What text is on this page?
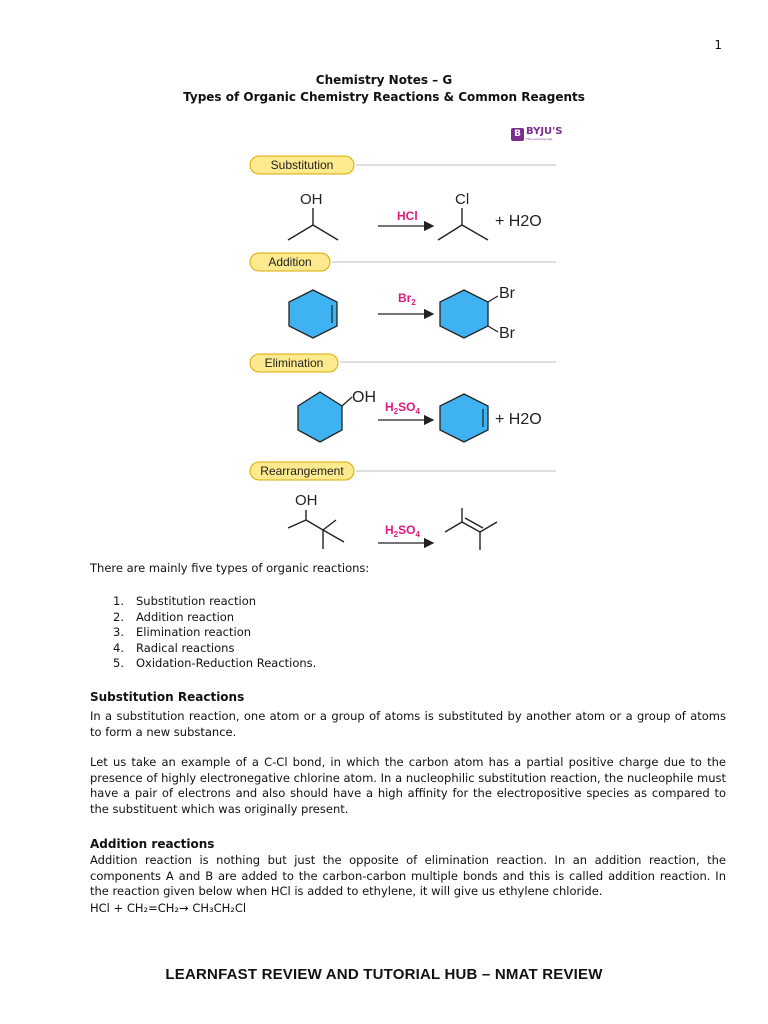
1
Chemistry Notes – G
Types of Organic Chemistry Reactions & Common Reagents
B BYJU'S
The Learning App
Substitution
OH
HCl
Cl
+ H2O
Addition
$Br_2$
Br
Br
Elimination
OH
$H_2SO_4$	+ H2O
Rearrangement
OH
$H_2SO_4$
There are mainly five types of organic reactions:
1.	Substitution reaction
2.	Addition reaction
3.	Elimination reaction
4.	Radical reactions
5.	Oxidation-Reduction Reactions.
Substitution Reactions
In a substitution reaction, one atom or a group of atoms is substituted by another atom or a group of atoms to form a new substance.
Let us take an example of a C-Cl bond, in which the carbon atom has a partial positive charge due to the presence of highly electronegative chlorine atom. In a nucleophilic substitution reaction, the nucleophile must have a pair of electrons and also should have a high affinity for the electropositive species as compared to the substituent which was originally present.
Addition reactions
Addition reaction is nothing but just the opposite of elimination reaction. In an addition reaction, the components A and B are added to the carbon-carbon multiple bonds and this is called addition reaction. In the reaction given below when HCl is added to ethylene, it will give us ethylene chloride.
HCl + CH₂=CH₂→ CH₃CH₂Cl
LEARNFAST REVIEW AND TUTORIAL HUB – NMAT REVIEW
